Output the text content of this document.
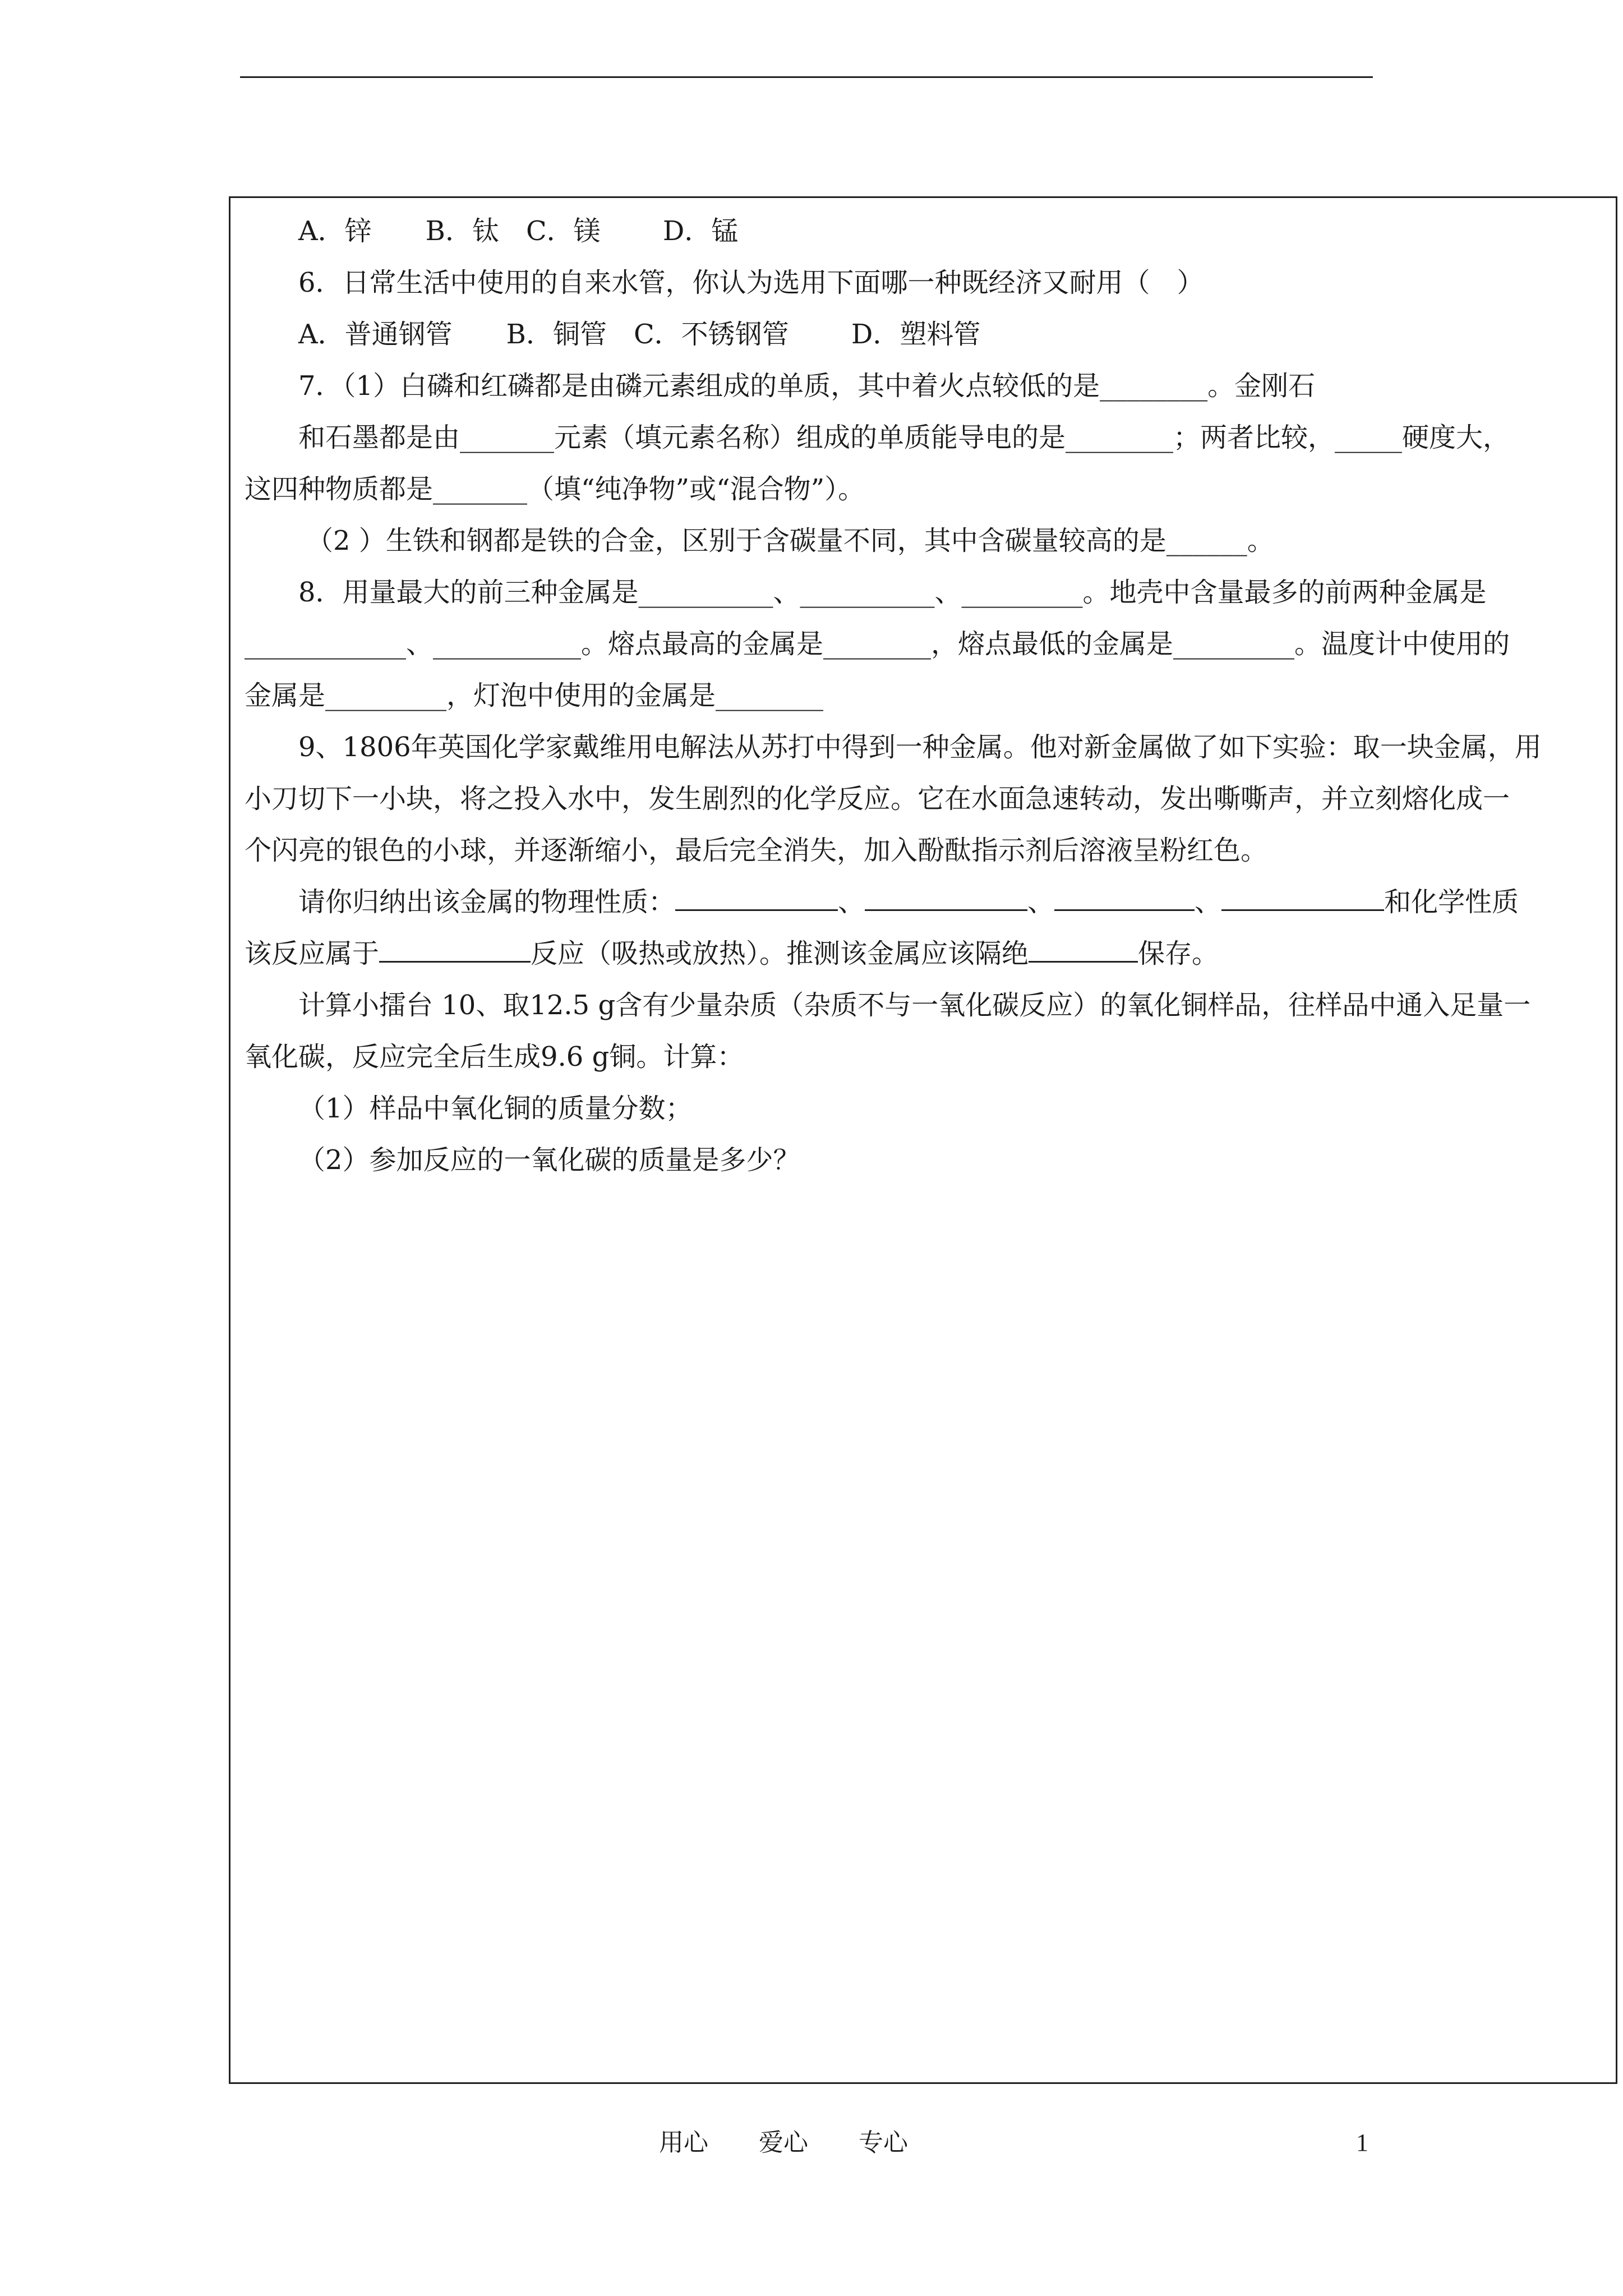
A．锌　　B．钛　C．镁　　 D．锰

6．日常生活中使用的自来水管，你认为选用下面哪一种既经济又耐用（　）

A．普通钢管　　B．铜管　C．不锈钢管　　 D．塑料管

7．（1）白磷和红磷都是由磷元素组成的单质，其中着火点较低的是________。金刚石

和石墨都是由_______元素（填元素名称）组成的单质能导电的是________；两者比较，_____硬度大，

这四种物质都是_______（填“纯净物”或“混合物”）。

（2 ）生铁和钢都是铁的合金，区别于含碳量不同，其中含碳量较高的是______。

8．用量最大的前三种金属是__________、__________、_________。地壳中含量最多的前两种金属是

____________、___________。熔点最高的金属是________，熔点最低的金属是_________。温度计中使用的

金属是_________，灯泡中使用的金属是________

9、1806年英国化学家戴维用电解法从苏打中得到一种金属。他对新金属做了如下实验：取一块金属，用

小刀切下一小块，将之投入水中，发生剧烈的化学反应。它在水面急速转动，发出嘶嘶声，并立刻熔化成一

个闪亮的银色的小球，并逐渐缩小，最后完全消失，加入酚酞指示剂后溶液呈粉红色。

请你归纳出该金属的物理性质：	、	、	、	和化学性质

该反应属于	反应（吸热或放热）。推测该金属应该隔绝	保存。

计算小擂台 10、取12.5 g含有少量杂质（杂质不与一氧化碳反应）的氧化铜样品，往样品中通入足量一

氧化碳，反应完全后生成9.6 g铜。计算：

（1）样品中氧化铜的质量分数；

（2）参加反应的一氧化碳的质量是多少？

用心 爱心 专心	1
